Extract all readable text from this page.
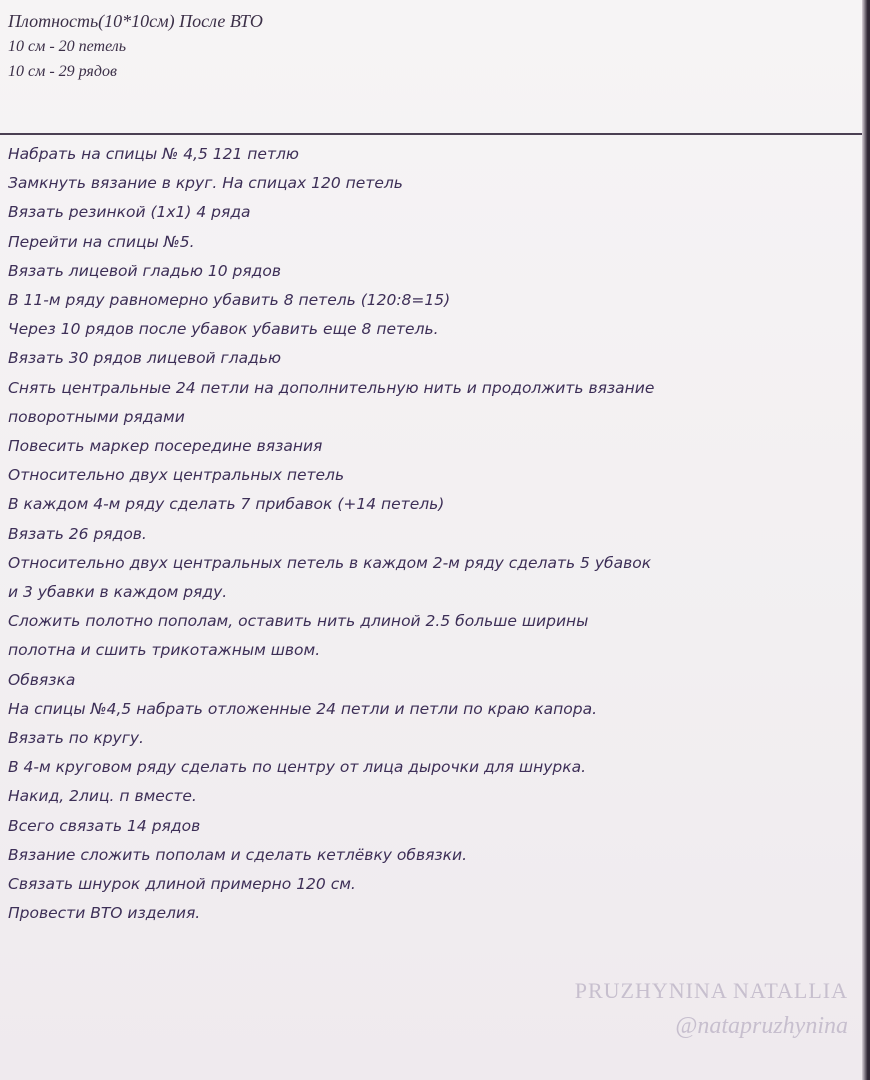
Плотность(10*10см) После ВТО
10 см - 20 петель
10 см - 29 рядов
Набрать на спицы № 4,5 121 петлю
Замкнуть вязание в круг. На спицах 120 петель
Вязать резинкой (1х1) 4 ряда
Перейти на спицы №5.
Вязать лицевой гладью 10 рядов
В 11-м ряду равномерно убавить 8 петель (120:8=15)
Через 10 рядов после убавок убавить еще 8 петель.
Вязать 30 рядов лицевой гладью
Снять центральные 24 петли на дополнительную нить и продолжить вязание
поворотными рядами
Повесить маркер посередине вязания
Относительно двух центральных петель
В каждом 4-м ряду сделать 7 прибавок (+14 петель)
Вязать 26 рядов.
Относительно двух центральных петель в каждом 2-м ряду сделать 5 убавок
и 3 убавки в каждом ряду.
Сложить полотно пополам, оставить нить длиной 2.5 больше ширины
полотна и сшить трикотажным швом.
Обвязка
На спицы №4,5 набрать отложенные 24 петли и петли по краю капора.
Вязать по кругу.
В 4-м круговом ряду сделать по центру от лица дырочки для шнурка.
Накид, 2лиц. п вместе.
Всего связать 14 рядов
Вязание сложить пополам и сделать кетлёвку обвязки.
Связать шнурок длиной примерно 120 см.
Провести ВТО изделия.
PRUZHYNINA NATALLIA
@natapruzhynina
